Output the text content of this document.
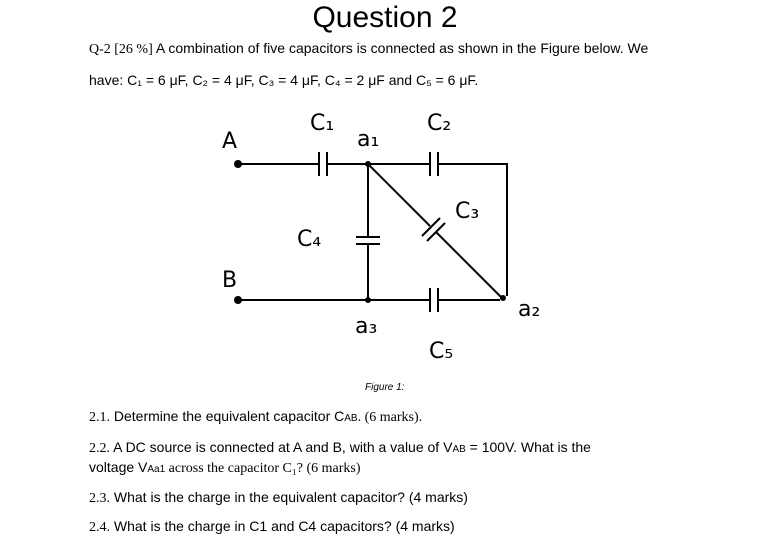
Question 2
Q-2 [26 %] A combination of five capacitors is connected as shown in the Figure below. We
have: C₁ = 6 μF, C₂ = 4 μF, C₃ = 4 μF, C₄ = 2 μF and C₅ = 6 μF.
A
B
C₁
a₁
C₂
C₃
C₄
C₅
a₂
a₃
Figure 1:
2.1. Determine the equivalent capacitor CAB. (6 marks).
2.2. A DC source is connected at A and B, with a value of VAB = 100V. What is the
voltage VAa1 across the capacitor C₁? (6 marks)
2.3. What is the charge in the equivalent capacitor? (4 marks)
2.4. What is the charge in C1 and C4 capacitors? (4 marks)
